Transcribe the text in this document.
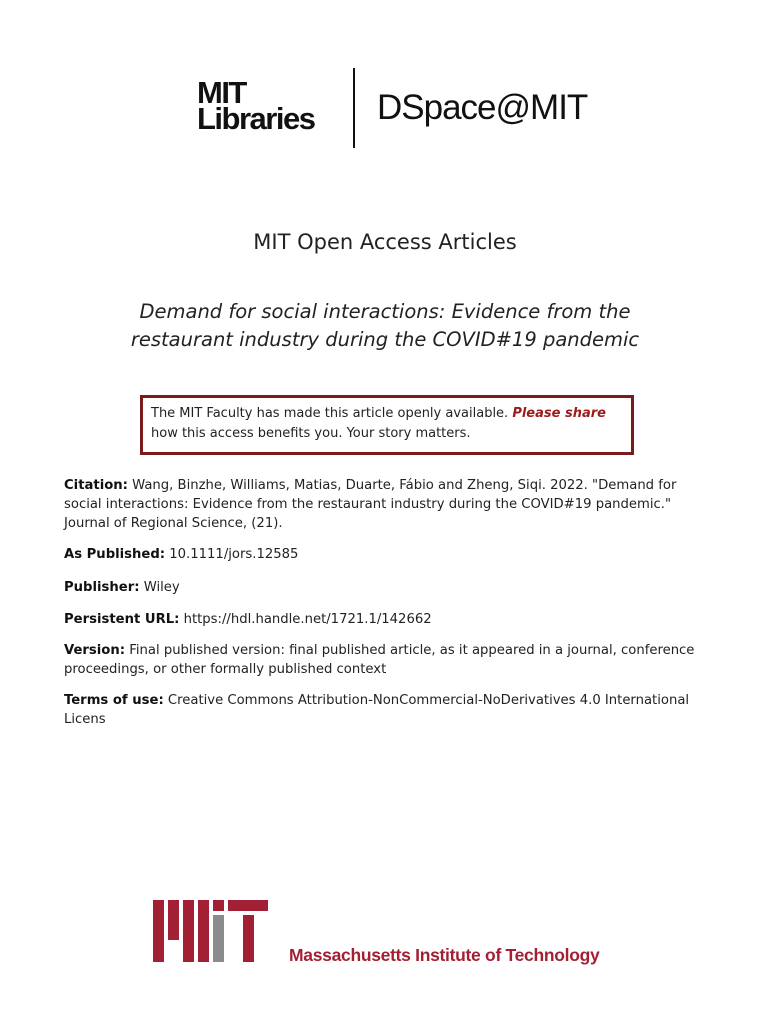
MIT
Libraries DSpace@MIT
MIT Open Access Articles
Demand for social interactions: Evidence from the
restaurant industry during the COVID#19 pandemic
The MIT Faculty has made this article openly available. Please share
how this access benefits you. Your story matters.
Citation: Wang, Binzhe, Williams, Matias, Duarte, Fábio and Zheng, Siqi. 2022. "Demand for social interactions: Evidence from the restaurant industry during the COVID#19 pandemic." Journal of Regional Science, (21).
As Published: 10.1111/jors.12585
Publisher: Wiley
Persistent URL: https://hdl.handle.net/1721.1/142662
Version: Final published version: final published article, as it appeared in a journal, conference proceedings, or other formally published context
Terms of use: Creative Commons Attribution-NonCommercial-NoDerivatives 4.0 International Licens
Massachusetts Institute of Technology
